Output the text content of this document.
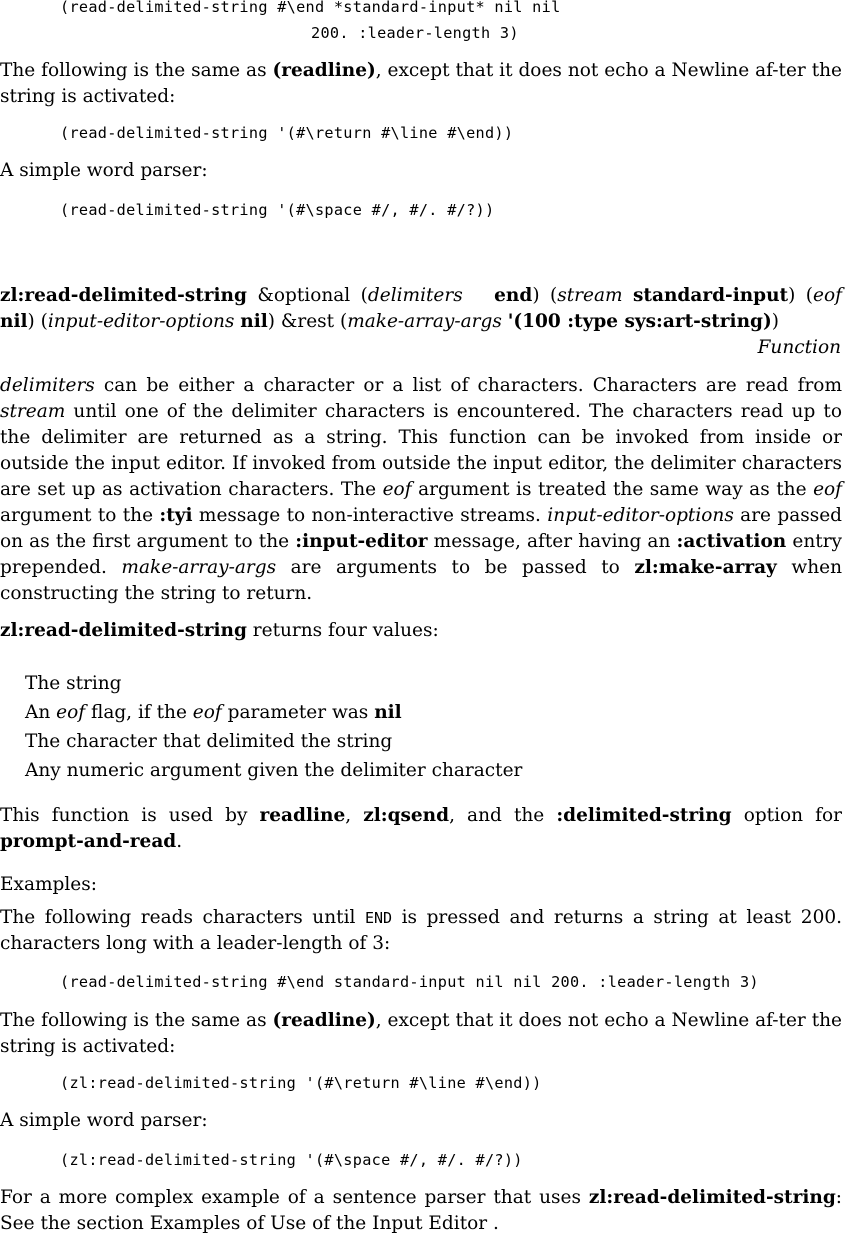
(read-delimited-string #\end *standard-input* nil nil
200. :leader-length 3)
The following is the same as (readline), except that it does not echo a Newline af-ter the string is activated:
(read-delimited-string '(#\return #\line #\end))
A simple word parser:
(read-delimited-string '(#\space #/, #/. #/?))
zl:read-delimited-string &optional (delimiters end) (stream standard-input) (eof nil) (input-editor-options nil) &rest (make-array-args '(100 :type sys:art-string))
Function
delimiters can be either a character or a list of characters. Characters are read from stream until one of the delimiter characters is encountered. The characters read up to the delimiter are returned as a string. This function can be invoked from inside or outside the input editor. If invoked from outside the input editor, the delimiter characters are set up as activation characters. The eof argument is treated the same way as the eof argument to the :tyi message to non-interactive streams. input-editor-options are passed on as the first argument to the :input-editor message, after having an :activation entry prepended. make-array-args are arguments to be passed to zl:make-array when constructing the string to return.
zl:read-delimited-string returns four values:
The string
An eof flag, if the eof parameter was nil
The character that delimited the string
Any numeric argument given the delimiter character
This function is used by readline, zl:qsend, and the :delimited-string option for prompt-and-read.
Examples:
The following reads characters until END is pressed and returns a string at least 200. characters long with a leader-length of 3:
(read-delimited-string #\end standard-input nil nil 200. :leader-length 3)
The following is the same as (readline), except that it does not echo a Newline af-ter the string is activated:
(zl:read-delimited-string '(#\return #\line #\end))
A simple word parser:
(zl:read-delimited-string '(#\space #/, #/. #/?))
For a more complex example of a sentence parser that uses zl:read-delimited-string: See the section Examples of Use of the Input Editor .
